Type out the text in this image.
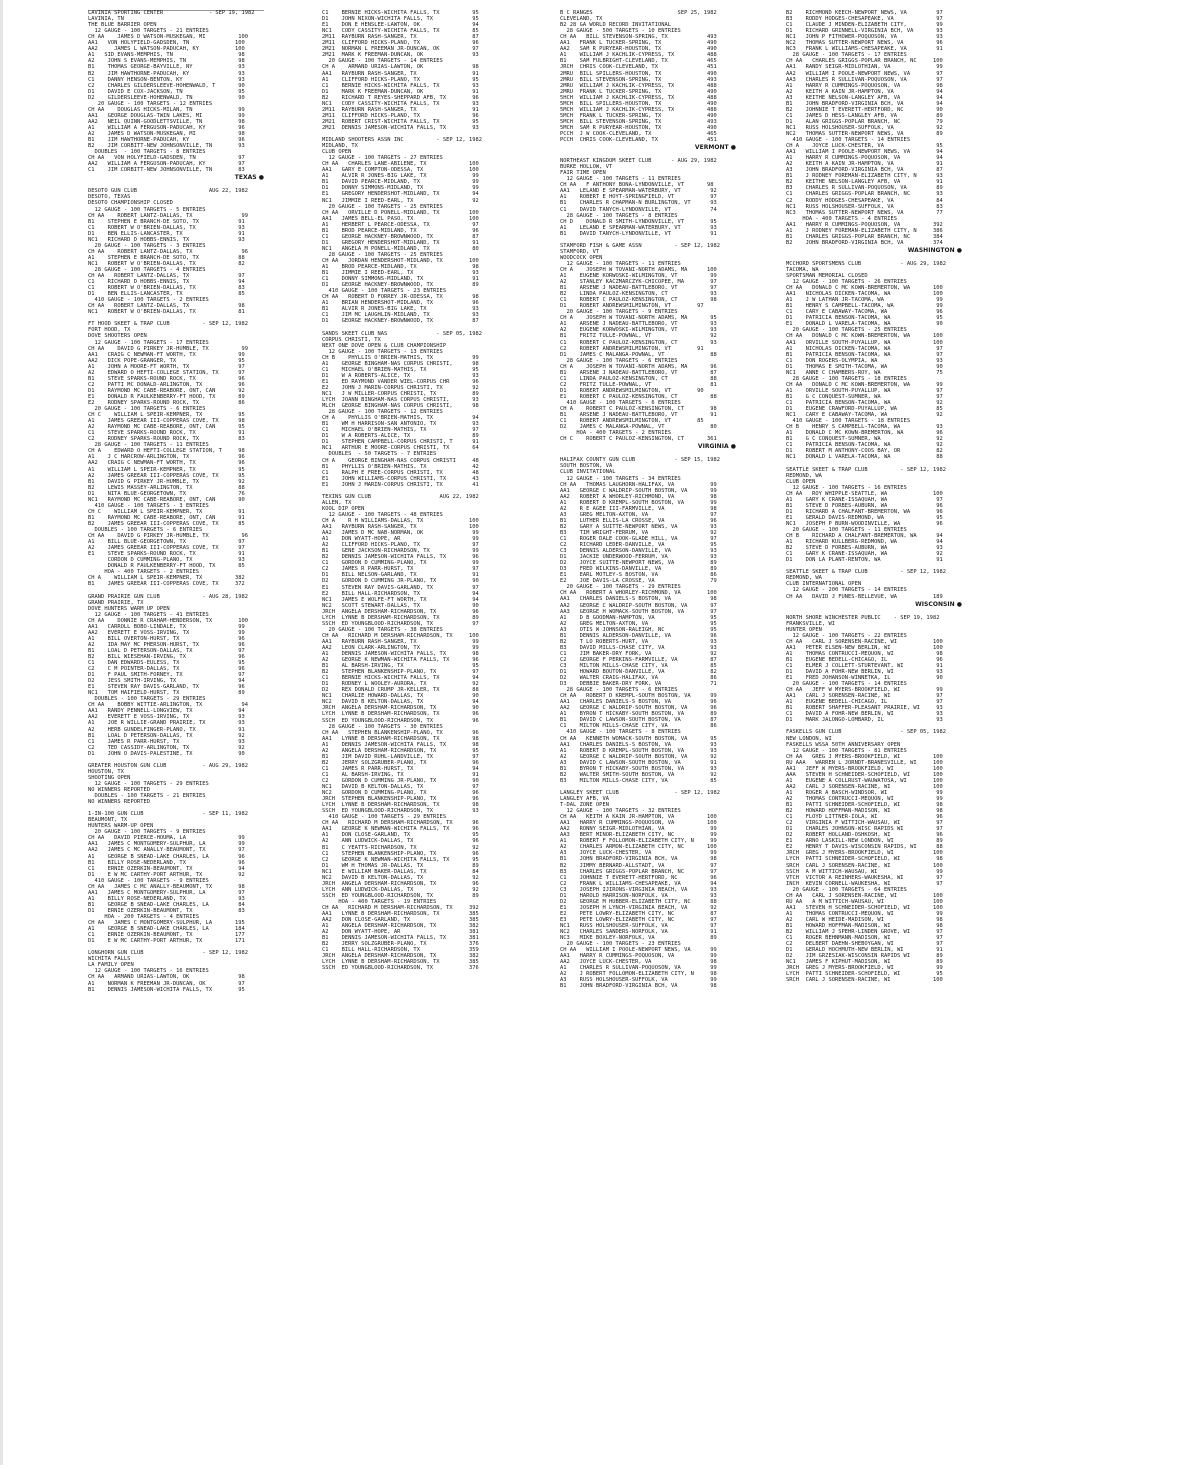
LAVINIA SPORTING CENTER              - SEP 19, 1982
LAVINIA, TN
THE BLUE BARRIER OPEN
12 GAUGE - 100 TARGETS - 21 ENTRIES
CH AA    JAMES D WATSON-MUSKEGAN, MI          100
AA1   VON HOLYFIELD-GADSDEN, TN              100
AA2     JAMES L WATSON-PADUCAH, KY           100
A1   SID EVANS-MEMPHIS, TN                    98
A2    JOHN S EVANS-MEMPHIS, TN                98
B1    THOMAS GEORGE-BAYVILLE, NY              93
B2    JIM HAWTHORNE-PADUCAH, KY               93
C1    DANNY HENSON-BENTON, KY                 93
C2    CHARLES GILDERSLEEVE-HOHENWALD, T       90
D1    DAVID E COX-JACKSON, TN                 95
D2    GILDERSLEEVE-HOHENWALD, TN              90
20 GAUGE - 100 TARGETS - 12 ENTRIES
CH AA    DOUGLAS HICKS-MILAN, TN              99
AA1   GEORGE DOUGLAS-TWIN LAKES, MI           99
AA2   NEIL QUINN-GOODLETTSVILLE, TN           98
A1    WILLIAM A FERGUSON-PADUCAH, KY          96
A2    JAMES D WATSON-MUSKEGAN, MI             98
B1    JIM HAWTHORNE-PADUCAH, KY               96
B2    JIM CORBITT-NEW JOHNSONVILLE, TN        93
DOUBLES  - 100 TARGETS - 8 ENTRIES
CH AA   VON HOLYFIELD-GADSDEN, TN             97
AA2   WILLIAM A FERGUSON-PADUCAH, KY          97
C1    JIM CORBITT-NEW JOHNSONVILLE, TN        83
TEXAS ●
DESOTO GUN CLUB                      AUG 22, 1982
DESOTO, TEXAS
DESOTO CHAMPIONSHIP CLOSED
12 GAUGE - 100 TARGETS - 5 ENTRIES
CH AA    ROBERT LANTZ-DALLAS, TX               99
B1    STEPHEN E BRANCH-DE SOTO, TX            91
C1    ROBERT W O'BRIEN-DALLAS, TX             93
D1    BEN ELLIS-LANCASTER, TX                 91
NC1   RICHARD D HOBBS-ENNIS, TX               93
20 GAUGE - 100 TARGETS - 3 ENTRIES
CH AA    ROBERT LANTZ-DALLAS, TX               96
A1    STEPHEN E BRANCH-DE SOTO, TX            88
NC1   ROBERT W O'BRIEN-DALLAS, TX             82
28 GAUGE - 100 TARGETS - 4 ENTRIES
CH AA   ROBERT LANTZ-DALLAS, TX               97
C1    RICHARD D HOBBS-ENNIS, TX               94
C1    ROBERT W O'BRIEN-DALLAS, TX             83
D1    BEN ELLIS-LANCASTER, TX                 85
410 GAUGE - 100 TARGETS - 2 ENTRIES
CH AA   ROBERT LANTZ-DALLAS, TX               98
NC1   ROBERT W O'BRIEN-DALLAS, TX             81
FT HOOD SKEET & TRAP CLUB          - SEP 12, 1982
FORT HOOD, TX
DOVE SHOOTERS OPEN
12 GAUGE - 100 TARGETS - 17 ENTRIES
CH AA    DAVID G PIRKEY JR-HUMBLE, TX          99
AA1   CRAIG C NEWMAN-FT WORTH, TX             99
AA2   DICK POPE-GRANGER, TX                   95
A1    JOHN A MOORE-FT WORTH, TX               97
A2    EDWARD O HEFTI-COLLEGE STATION, TX      97
B1    STEVE SPARKS-ROUND ROCK, TX             96
C2    PATTI MC DONALD-ARLINGTON, TX           96
D1    RAYMOND MC CABE-REABORE, ONT, CAN       92
E1    DONALD R FAULKENBERRY-FT HOOD, TX       89
E2    RODNEY SPARKS-ROUND ROCK, TX            86
20 GAUGE - 100 TARGETS - 6 ENTRIES
CH C    WILLIAM L SPEIR-KEMPNER, TX           95
A1    JAMES GREEAR III-COPPERAS COVE, TX      98
A2    RAYMOND MC CABE-REABORE, ONT, CAN       95
C1    STEVE SPARKS-ROUND ROCK, TX             91
C2    RODNEY SPARKS-ROUND ROCK, TX            83
28 GAUGE - 100 TARGETS - 11 ENTRIES
CH A    EDWARD O HEFTI-COLLEGE STATION, T     98
A1    J C HARCROW-ARLINGTON, TX               96
AA2   CRAIG C NEWMAN-FT WORTH, TX             96
A1    WILLIAM L SPEIR-KEMPNER, TX             95
A2    JAMES GREEAR III-COPPERAS COVE, TX      95
B1    DAVID G PIRKEY JR-HUMBLE, TX            92
B2    LEWIS MASSEY-ARLINGTON, TX              88
D1    NITA BLUE-GEORGETOWN, TX                76
NC1   RAYMOND MC CABE-REABORE, ONT, CAN       90
410 GAUGE - 100 TARGETS - 3 ENTRIES
CH C    WILLIAM L SPEIR-KEMPNER, TX           91
B1    RAYMOND MC CABE-REABORE, ONT, CAN       91
B2    JAMES GREEAR III-COPPERAS COVE, TX      85
DOUBLES - 100 TARGETS - 6 ENTRIES
CH AA    DAVID G PIRKEY JR-HUMBLE, TX          96
A1    BILL BLUE-GEORGETOWN, TX                97
A2    JAMES GREEAR III-COPPERAS COVE, TX      97
E1    STEVE SPARKS-ROUND ROCK, TX             91
CORDON D CUMMING-PLANO, TX              93
DONALD R FAULKENBERRY-FT HOOD, TX       85
HOA - 400 TARGETS - 2 ENTRIES
CH A    WILLIAM L SPEIR-KEMPNER, TX          382
B1    JAMES GREEAR III-COPPERAS COVE, TX     372
GRAND PRAIRIE GUN CLUB             - AUG 28, 1982
GRAND PRAIRIE, TX
DOVE HUNTERS WARM UP OPEN
12 GAUGE - 100 TARGETS - 41 ENTRIES
CH AA    DONNIE R CRAHAM-HENDERSON, TX        100
AA1   CARROLL BOBO-LINDALE, TX                99
AA2   EVERETT E VOSS-IRVING, TX               99
A1    BILL OVERTON-HURST, TX                  96
A2    IDA MAY MC PHERSON-HURST, TX            96
B1    LOAL D PETERSON-DALLAS, TX              97
B2    BILL WIESEHAN-IRVING, TX                96
C1    DAN EDWARDS-EULESS, TX                  95
C2    C M POINTER-DALLAS, TX                  96
D1    F PAUL SMITH-FORNEY, TX                 97
D2    JESS SMITH-IRVING, TX                   94
E1    STEVEN RAY DAVIS-GARLAND, TX            96
NC1   TOM HAIFIELD-HURST, TX                  89
DOUBLES - 100 TARGETS - 29 ENTRIES
CH AA    BOBBY WITTIE-ARLINGTON, TX            94
AA1   RANDY PENNELL-LONGVIEW, TX              94
AA2   EVERETT E VOSS-IRVING, TX               93
A1    JOE R WILLIE-GRAND PRAIRIE, TX          93
A2    HERB GUNDELFINGER-PLANO, TX             91
B1    LOAL D PETERSON-DALLAS, TX              92
C1    JAMES R PARR-HURST, TX                  93
C2    TED CASSIDY-ARLINGTON, TX               92
D1    JOHN O DAVIS-PALESTINE, TX              90
GREATER HOUSTON GUN CLUB           - AUG 29, 1982
HOUSTON, TX
SHOOTING OPEN
12 GAUGE - 100 TARGETS - 29 ENTRIES
NO WINNERS REPORTED
DOUBLES - 100 TARGETS - 21 ENTRIES
NO WINNERS REPORTED
1-IN-100 GUN CLUB                  - SEP 11, 1982
BEAUMONT, TX
HUNTERS WARM-UP OPEN
20 GAUGE - 100 TARGETS - 9 ENTRIES
CH AA   DAVID PIERCE-HOUMA, LA                99
AA1   JAMES C MONTGOMERY-SULPHUR, LA          99
AA2   JAMES C MC ANALLY-BEAUMONT, TX          97
A1    GEORGE B SNEAD-LAKE CHARLES, LA         96
B1    BILLY ROSE-NEDERLAND, TX                96
C1    ERNIE OZERKIN-BEAUMONT, TX              94
D1    E W MC CARTHY-PORT ARTHUR, TX           92
410 GAUGE - 100 TARGETS - 9 ENTRIES
CH AA   JAMES C MC ANALLY-BEAUMONT, TX        98
AA1   JAMES C MONTGOMERY-SULPHUR, LA          97
A1    BILLY ROSE-NEDERLAND, TX                93
B1    GEORGE B SNEAD-LAKE CHARLES, LA         84
D1    ERNIE OZERKIN-BEAUMONT, TX              83
HOA - 200 TARGETS - 4 ENTRIES
CH AA   JAMES C MONTGOMERY-SULPHUR, LA       195
A1    GEORGE B SNEAD-LAKE CHARLES, LA        184
C1    ERNIE OZERKIN-BEAUMONT, TX             177
D1    E W MC CARTHY-PORT ARTHUR, TX          171
LONGHORN GUN CLUB                  - SEP 12, 1982
WICHITA FALLS
LA FAMILY OPEN
12 GAUGE - 100 TARGETS - 16 ENTRIES
CH AA   ARMAND URIAS-LAWTON, OK               98
A1    NORMAN K FREEMAN JR-DUNCAN, OK          97
B1    DENNIS JAMESON-WICHITA FALLS, TX        95
C1    BERNIE HICKS-WICHITA FALLS, TX          95
D1    JOHN NIXON-WICHITA FALLS, TX            95
E1    DON E HENSLEE-LAWTON, OK                94
NC1   CODY CASSITY-WICHITA FALLS, TX          85
2M11  RAYBURN RASH-SANGER, TX                 87
2M11  CLIFFORD HICKS-PLANO, TX                96
2M21  NORMAN L FREEMAN JR-DUNCAN, OK          97
2M21  MARK K FREEMAN-DUNCAN, OK               93
20 GAUGE - 100 TARGETS - 14 ENTRIES
CH A    ARMAND URIAS-LAWTON, OK               98
AA1   RAYBURN RASH-SANGER, TX                 91
A1    CLIFFORD HICKS-PLANO, TX                95
C1    BERNIE HICKS-WICHITA FALLS, TX          93
D1    MARK K FREEMAN-DUNCAN, OK               91
B2    RICHARD T REYES-SHEPPARD AFB, TX        96
NC1   CODY CASSITY-WICHITA FALLS, TX          93
2M11  RAYBURN RASH-SANGER, TX                 91
2M11  CLIFFORD HICKS-PLANO, TX                96
2M21  ROBERT CRIST-WICHITA FALLS, TX          95
2M21  DENNIS JAMESON-WICHITA FALLS, TX        93
MIDLAND SHOOTERS ASSN INC          - SEP 12, 1982
MIDLAND, TX
CLUB OPEN
12 GAUGE - 100 TARGETS - 27 ENTRIES
CH AA   CHARLES LANE-ABILENE, TX             100
AA1   GARY E COMPTON-ODESSA, TX              100
A1    ALVIR R JONES-BIG LAKE, TX              99
B1    DAVID PEARCE-MIDLAND, TX                99
D1    DONNY SIMMONS-MIDLAND, TX               99
E1    GREGORY HENDERSHOT-MIDLAND, TX          94
NC1   JIMMIE I REED-EARL, TX                  92
20 GAUGE - 100 TARGETS - 25 ENTRIES
CH AA   ORVILLE D PONELL-MIDLAND, TX         100
AA1   JAMES BELL-EL PASO, TX                 100
A1    HERBERT L PEARCE-ODESSA, TX             97
B1    BROD PEARCE-MIDLAND, TX                 96
C1    GEORGE HACKNEY-BROWNWOOD, TX            87
D1    GREGORY HENDERSHOT-MIDLAND, TX          91
NC1   ANGELA M PONELL-MIDLAND, TX             80
28 GAUGE - 100 TARGETS - 25 ENTRIES
CH AA   JORDAN HENDERSHOT-MIDLAND, TX        100
A1    BROD PEARCE-MIDLAND, TX                 98
B1    JIMMIE I REED-EARL, TX                  93
C1    DONNY SIMMONS-MIDLAND, TX               91
D1    GEORGE HACKNEY-BROWNWOOD, TX            89
410 GAUGE - 100 TARGETS - 23 ENTRIES
CH AA   ROBERT D FORREY JR-ODESSA, TX         98
A1    BRIAN HENDERSHOT-MIDLAND, TX            96
B1    ALVIR R JONES-BIG LAKE, TX              93
C1    JIM MC LAUGHLIN-MIDLAND, TX             93
D1    GEORGE HACKNEY-BROWNWOOD, TX            87
SANDS SKEET CLUB NAS               - SEP 05, 1982
CORPUS CHRISTI, TX
NEXT ONE DOVE OPEN & CLUB CHAMPIONSHIP
12 GAUGE - 100 TARGETS - 13 ENTRIES
CH B    PHYLLIS O'BRIEN-MATHIS, TX            99
A1    GEORGE BINGHAM-NAS CORPUS CHRISTI,      98
C1    MICHAEL O'BRIEN-MATHIS, TX              95
D1    W A ROBERTS-ALICE, TX                   93
E1    ED RAYMOND VANDER WIEL-CORPUS CHR       96
E2    JOHN J MARIN-CORPUS CHRISTI, TX         92
NC1   J W MILLER-CORPUS CHRISTI, TX           89
LYCH  JOANN BINGHAM-NAS CORPUS CHRISTI,       93
MLCH  GEORGE BINGHAM-NAS CORPUS CHRISTI,      98
28 GAUGE - 100 TARGETS - 12 ENTRIES
CH A    PHYLLIS O'BRIEN-MATHIS, TX            94
B1    WM H HARRISON-SAN ANTONIO, TX           93
C1    MICHAEL O'BRIEN-MATHIS, TX              97
D1    W A ROBERTS-ALICE, TX                   89
D1    STEPHEN CAMPBELL-CORPUS CHRISTI, T      91
NC1   ARTHUR E MOORE-CORPUS CHRISTI, TX       64
DOUBLES  - 50 TARGETS - 7 ENTRIES
CH A    GEORGE BINGHAM-NAS CORPUS CHRISTI     48
B1    PHYLLIS O'BRIEN-MATHIS, TX              42
C1    RALPH E FREE-CORPUS CHRISTI, TX         48
E1    JOHN WILLIAMS-CORPUS CHRISTI, TX        43
E1    JOHN J MARIN-CORPUS CHRISTI, TX         41
TEXINS GUN CLUB                     AUG 22, 1982
ALLEN, TX
KOOL DIP OPEN
12 GAUGE - 100 TARGETS - 48 ENTRIES
CH A    R H WILLIAMS-DALLAS, TX              100
AA1   RAYBURN RASH-SANGER, TX                100
AA2   JAMES D MC NAB-NORMAN, OK               99
A1    DON WYATT-HOPE, AR                      99
A2    CLIFFORD HICKS-PLANO, TX                97
B1    GENE JACKSON-RICHARDSON, TX             99
B2    DENNIS JAMESON-WICHITA FALLS, TX        96
C1    GORDON D CUMMING-PLANO, TX              99
C2    JAMES R PARR-HURST, TX                  97
D1    BILL NELSON-GARLAND, TX                 91
D2    GORDON D CUMMING JR-PLANO, TX           90
E1    STEVEN RAY DAVIS-GARLAND, TX            97
E2    BILL HALL-RICHARDSON, TX                94
NC1   JAMES E WOLFE-FT WORTH, TX              94
NC2   SCOTT STEWART-DALLAS, TX                90
JRCH  ANGELA DERSHAM-RICHARDSON, TX           96
LYCH  LYNNE B DERSHAM-RICHARDSON, TX          89
SSCH  ED YOUNGBLOOD-RICHARDSON, TX            97
20 GAUGE - 100 TARGETS - 38 ENTRIES
CH AA   RICHARD M DERSHAM-RICHARDSON, TX     100
AA1   RAYBURN RASH-SANGER, TX                 99
AA2   LEON CLARK-ARLINGTON, TX                99
A1    DENNIS JAMESON-WICHITA FALLS, TX        98
A2    GEORGE K NEWMAN-WICHITA FALLS, TX       96
B1    AL BARSH-IRVING, TX                     95
B2    STEPHEN BLANKENSHIP-PLANO, TX           97
C1    BERNIE HICKS-WICHITA FALLS, TX          94
D1    RODNEY L WOOLEY-AURORA, TX              92
D2    REX DONALD CRUMP JR-KELLER, TX          88
NC1   CHARLIE HOWARD-DALLAS, TX               90
NC2   DAVID B KELTON-DALLAS, TX               94
JRCH  ANGELA DERSHAM-RICHARDSON, TX           90
LYCH  LYNNE B DERSHAM-RICHARDSON, TX          96
SSCH  ED YOUNGBLOOD-RICHARDSON, TX            96
28 GAUGE - 100 TARGETS - 30 ENTRIES
CH AA   STEPHEN BLANKENSHIP-PLANO, TX         96
AA1   LYNNE B DERSHAM-RICHARDSON, TX          98
A1    DENNIS JAMESON-WICHITA FALLS, TX        98
A2    ANGELA DERSHAM-RICHARDSON, TX           95
B1    JIM DAVID RUHL-LANDVILLE, TX            97
B2    JERRY SOLZGRUBER-PLANO, TX              96
C1    JAMES R PARR-HURST, TX                  94
C1    AL BARSH-IRVING, TX                     91
C2    GORDON D CUMMING JR-PLANO, TX           90
NC1   DAVID B KELTON-DALLAS, TX               97
NC2   GORDON D CUMMING-PLANO, TX              96
JRCH  STEPHEN BLANKENSHIP-PLANO, TX           96
LYCH  LYNNE B DERSHAM-RICHARDSON, TX          98
SSCH  ED YOUNGBLOOD-RICHARDSON, TX            93
410 GAUGE - 100 TARGETS - 29 ENTRIES
CH AA   RICHARD M DERSHAM-RICHARDSON, TX      96
AA1   GEORGE K NEWMAN-WICHITA FALLS, TX       96
A1    DON CLOSE-GARLAND, TX                   95
A2    ANN LUDWICK-DALLAS, TX                  96
B1    C YEATTS-RICHARDSON, TX                 92
C1    STEPHEN BLANKENSHIP-PLANO, TX           96
C2    GEORGE K NEWMAN-WICHITA FALLS, TX       95
D1    WM H THOMAS JR-DALLAS, TX               89
NC1   E WILLIAM BAKER-DALLAS, TX              84
NC2   DAVID B KELTON-DALLAS, TX               92
JRCH  ANGELA DERSHAM-RICHARDSON, TX           96
LYCH  ANN LUDWICK-DALLAS, TX                  92
SSCH  ED YOUNGBLOOD-RICHARDSON, TX            89
HOA - 400 TARGETS - 19 ENTRIES
CH AA   RICHARD M DERSHAM-RICHARDSON, TX     392
AA1   LYNNE B DERSHAM-RICHARDSON, TX         385
AA2   DON CLOSE-GARLAND, TX                  385
A1    ANGELA DERSHAM-RICHARDSON, TX          382
A2    DON WYATT-HOPE, AR                     381
B1    DENNIS JAMESON-WICHITA FALLS, TX       381
B2    JERRY SOLZGRUBER-PLANO, TX             376
C1    BILL HALL-RICHARDSON, TX               359
JRCH  ANGELA DERSHAM-RICHARDSON, TX          382
LYCH  LYNNE B DERSHAM-RICHARDSON, TX         385
SSCH  ED YOUNGBLOOD-RICHARDSON, TX           376
B C RANGES                          SEP 25, 1982
CLEVELAND, TX
B2 28 GA WORLD RECORD INVITATIONAL
28 GAUGE - 500 TARGETS - 10 ENTRIES
CH AA   BILL STEVENSON-SPRING, TX            493
AA1   FRANK L TUCKER-SPRING, TX              490
AA2   SAM R PURYEAR-HOUSTON, TX              490
A1    WILLIAM J KACHLIK-CYPRESS, TX          488
B1    SAM FULBRIGHT-CLEVELAND, TX            465
JRCH  CHRIS COOK-CLEVELAND, TX               451
2MRU  BILL SPILLERS-HOUSTON, TX              490
2MRU  BILL STEVENSON-SPRING, TX              493
2MRU  WILLIAM J KACHLIK-CYPRESS, TX          488
2MRU  FRANK L TUCKER-SPRING, TX              490
5HCH  WILLIAM J KACHLIK-CYPRESS, TX          488
5MCH  BILL SPILLERS-HOUSTON, TX              490
5MCH  WILLIAM J KACHLIK-CYPRESS, TX          488
5MCH  FRANK L TUCKER-SPRING, TX              490
5MCH  BILL STEVENSON-SPRING, TX              493
5MCH  SAM R PURYEAR-HOUSTON, TX              490
PCCH  J W COOK-CLEVELAND, TX                 465
PCCH  CHRIS COOK-CLEVELAND, TX               451
VERMONT ●
NORTHEAST KINGDOM SKEET CLUB      - AUG 29, 1982
BURKE HOLLOW, VT
FAIR TIME OPEN
12 GAUGE - 100 TARGETS - 11 ENTRIES
CH AA   F ANTHONY BONA-LYNDONVILLE, VT       98
AA1   LELAND E SPEARMAN-WATERBURY, VT         92
A1    ROBERT E HOYT-SPRINGFIELD, VT           97
B1    CHARLES R CHAPMAN-N BURLINGTON, VT      93
C1    DAVID TANYCH-LYNDONVILLE, VT            74
28 GAUGE - 100 TARGETS - 8 ENTRIES
CH D    DONALD R SMITH-LYNDONVILLE, VT        95
A1    LELAND E SPEARMAN-WATERBURY, VT         93
B1    DAVID TANYCH-LYNDONVILLE, VT            91
STAMFORD FISH & GAME ASSN          - SEP 12, 1982
STAMFORD, VT
WOODCOCK OPEN
12 GAUGE - 100 TARGETS - 11 ENTRIES
CH A    JOSEPH W TOVANI-NORTH ADAMS, MA      100
A1    EUGENE KORWOSKI-WILMINGTON, VT          99
A2    STANLEY KACZMARCZYK-CHICOPEE, MA        97
B1    ARSENE J NADEAU-BATTLEBORO, VT          97
B2    LINDA PAULOZ-KENSINGTON, CT             93
C1    ROBERT C PAULOZ-KENSINGTON, CT          98
D1    ROBERT ANDREWSMILMINGTON, VT        97
20 GAUGE - 100 TARGETS - 9 ENTRIES
CH A    JOSEPH W TOVANI-NORTH ADAMS, MA       95
A1    ARSENE J NADEAU-BATTLEBORO, VT          93
A2    EUGENE KORWOSKI-WILMINGTON, VT          93
B1    FRITZ TULLE-POWNAL, VT                  92
C1    ROBERT C PAULOZ-KENSINGTON, CT          93
C2    ROBERT ANDREWSMILMINGTON, VT        91
D1    JAMES C MALANGA-POWNAL, VT              88
28 GAUGE - 100 TARGETS - 6 ENTRIES
CH A    JOSEPH W TOVANI-NORTH ADAMS, MA       96
B1    ARSENE J NADEAU-BATTLEBORO, VT          87
C1    LINDA PAULOZ-KENSINGTON, CT             88
C2    FRITZ TULLE-POWNAL, VT                  81
D1    ROBERT ANDREWSMILMINGTON, VT        90
E1    ROBERT C PAULOZ-KENSINGTON, CT          88
410 GAUGE - 100 TARGETS - 6 ENTRIES
CH A    ROBERT C PAULOZ-KENSINGTON, CT        98
B1    ARSENE J NADEAU-BATTLEBORO, VT          91
C1    ROBERT ANDREWSMILMINGTON, VT        85
D2    JAMES C MALANGA-POWNAL, VT              80
HOA - 400 TARGETS - 2 ENTRIES
CH C    ROBERT C PAULOZ-KENSINGTON, CT       361
VIRGINIA ●
HALIFAX COUNTY GUN CLUB            - SEP 15, 1982
SOUTH BOSTON, VA
CLUB INVITATIONAL
12 GAUGE - 100 TARGETS - 34 ENTRIES
CH AA   THOMAS LAUGHORN-HALIFAX, VA           99
AA1   GEORGE C WALDRIP-SOUTH BOSTON, VA       99
AA2   ROBERT A WHORLEY-RICHMOND, VA           98
A1    ROBERT D KREMPL-SOUTH BOSTON, VA        99
A2    R E AGEE III-FARMVILLE, VA              98
A3    GREG MELTON-AXTON, VA                   97
B1    LUTHER ELLIS-LA CROSSE, VA              96
B2    GARY A SUITTE-NEWPORT NEWS, VA          93
B3    TIM WRIGHT-FERRUM, VA                   92
C1    ROGER DALE COOK-GLADE HILL, VA          97
C2    RICHARD LEDER-DANVILLE, VA              95
C3    DENNIS ALDERSON-DANVILLE, VA            93
D1    JACKIE UNDERWOOD-FERRUM, VA             93
D2    JOYCE SUITTE-NEWPORT NEWS, VA           89
D3    FRED WILKINS-DANVILLE, VA               89
E1    EARL MOTLEY-S BOSTON, VA                86
E2    JOE DAVIS-LA CROSSE, VA                 79
20 GAUGE - 100 TARGETS - 29 ENTRIES
CH AA   ROBERT A WHORLEY-RICHMOND, VA        100
AA1   CHARLES DANIELS-S BOSTON, VA            98
AA2   GEORGE C WALDRIP-SOUTH BOSTON, VA       97
AA3   GEORGE H WOMACK-SOUTH BOSTON, VA        97
A1    D B GOODMAN-HAMPTON, VA                 95
A2    GREG MELTON-AXTON, VA                   95
A3    OTIS W JOHNSON-RALEIGH, NC              95
B1    DENNIS ALDERSON-DANVILLE, VA            96
B2    T LO ROBERTS-HURT, VA                   93
B3    DAVID MILLS-CHASE CITY, VA              93
C1    JIM BAKER-DRY FORK, VA                  92
C2    GEORGE F PERKINS-FARMVILLE, VA          87
C3    MILTON MILLS-CHASE CITY, VA             85
D1    HOWARD BOUTON-DANVILLE, VA              82
D2    WALTER CRAIG-HALIFAX, VA                86
D3    DEBBIE BAKER-DRY FORK, VA               71
28 GAUGE - 100 TARGETS - 6 ENTRIES
CH AA   ROBERT D KREMPL-SOUTH BOSTON, VA      99
AA1   CHARLES DANIELS-S BOSTON, VA            96
AA2   GEORGE C WALDRIP-SOUTH BOSTON, VA       96
A1    BYRON T HICKABY-SOUTH BOSTON, VA        89
B1    DAVID C LAWSON-SOUTH BOSTON, VA         87
C1    MILTON MILLS-CHASE CITY, VA             86
410 GAUGE - 100 TARGETS - 8 ENTRIES
CH AA   KENNETH WOMACK-SOUTH BOSTON, VA       95
AA1   CHARLES DANIELS-S BOSTON, VA            93
A1    ROBERT D KREMPL-SOUTH BOSTON, VA        93
A2    GEORGE C WALDRIP-SOUTH BOSTON, VA       92
A3    DAVID C LAWSON-SOUTH BOSTON, VA         91
B1    BYRON T HICKABY-SOUTH BOSTON, VA        93
B2    WALTER SMITH-SOUTH BOSTON, VA           92
B3    MILTON MILLS-CHASE CITY, VA             85
LANGLEY SKEET CLUB                 - SEP 12, 1982
LANGLEY AFB, VA
T-DAL ZONE OPEN
12 GAUGE - 100 TARGETS - 32 ENTRIES
CH AA   KEITH A KAIN JR-HAMPTON, VA          100
AA1   HARRY R CUMMINGS-POQUOSON, VA          100
AA2   RONNY SEIGR-MIDLOTHIAN, VA              99
AA3   BERT MINOR-ELIZABETH CITY, NC           99
A1    ROBERT F FOLLOMON-ELIZABETH CITY, N     99
A2    CHARLES ARMON-ELIZABETH CITY, NC       100
A3    JOYCE LUCK-CHESTER, VA                  99
B1    JOHN BRADFORD-VIRGINIA BCH, VA          98
B2    JIMMY BERNARD-ALLSTADT, VA              97
B3    CHARLES GRIGGS-POPLAR BRANCH, NC        97
C1    JOHNNIE T EVERETT-HERTFORD, NC          96
C2    FRANK L WILLIAMS-CHESAPEAKE, VA         94
C3    JOSEPH IJIRONS-VIRGINIA BEACH, VA       93
D1    HAROLD HARRISON-NORFOLK, VA             93
D2    GEORGE M HUBBER-ELIZABETH CITY, NC      88
E1    JOSEPH H LYNCH-VIRGINIA BEACH, VA       92
E2    PETE LOWRY-ELIZABETH CITY, NC           87
E3    PETE LOWRY-ELIZABETH CITY, NC           97
NC1   RUSS HOLSHOUSER-SUFFOLK, VA             97
NC2   CHARLES SANDERS-NORFOLK, VA             91
NC3   MIKE BOXLEY-NORFOLK, VA                 89
20 GAUGE - 100 TARGETS - 23 ENTRIES
CH AA   WILLIAM I POOLE-NEWPORT NEWS, VA      99
AA1   HARRY R CUMMINGS-POQUOSON, VA           99
AA2   JOYCE LUCK-CHESTER, VA                  98
A1    CHARLES R SULLIVAN-POQUOSON, VA         99
A2    J ROBERT FOLLOMON-ELIZABETH CITY, N     98
A3    RUSS HOLSHOUSER-SUFFOLK, VA             99
B1    JOHN BRADFORD-VIRGINIA BCH, VA          98
B2    RICHMOND KEECH-NEWPORT NEWS, VA         97
B3    RODDY HODGES-CHESAPEAKE, VA             97
C1    CLAUDE J MINDEN-ELIZABETH CITY,         99
D1    RICHARD GRINNELL-VIRGINIA BCH, VA       93
NC1   JOHN P FITHOWER-POQUOSON, VA            93
NC2   THOMAS SUTTER-NEWPORT NEWS, VA          96
NC3   FRANK L WILLIAMS-CHESAPEAKE, VA         91
28 GAUGE - 100 TARGETS - 17 ENTRIES
CH AA   CHARLES GRIGGS-POPLAR BRANCH, NC     100
AA1   RANDY SEIGR-MIDLOTHIAN, VA              99
AA2   WILLIAM I POOLE-NEWPORT NEWS, VA        97
AA3   CHARLES R SULLIVAN-POQUOSON, VA         97
A1    HARRY R CUMMINGS-POQUOSON, VA           98
A2    KEITH A KAIN JR-HAMPTON, VA             94
A3    KEITHE NELSON-LANGLEY AFB, VA           94
B1    JOHN BRADFORD-VIRGINIA BCH, VA          94
B2    JOHNNIE T EVERETT-HERTFORD, NC          90
C1    JAMES D HESS-LANGLEY AFB, VA            89
D1    ALAN GRIGGS-POPLAR BRANCH, NC           79
NC1   RUSS HOLSHOUSER-SUFFOLK, VA             92
NC2   THOMAS SUTTER-NEWPORT NEWS, VA          89
410 GAUGE - 100 TARGETS - 14 ENTRIES
CH A    JOYCE LUCK-CHESTER, VA                95
AA1   WILLIAM I POOLE-NEWPORT NEWS, VA        94
A1    HARRY R CUMMINGS-POQUOSON, VA           94
A2    KEITH A KAIN JR-HAMPTON, VA             91
A3    JOHN BRADFORD-VIRGINIA BCH, VA          87
B1    J RODNEY FOREMAN-ELIZABETH CITY, N      93
B2    KEITHE NELSON-LANGLEY AFB, VA           91
B3    CHARLES R SULLIVAN-POQUOSON, VA         89
C1    CHARLES GRIGGS-POPLAR BRANCH, NC        93
C2    RODDY HODGES-CHESAPEAKE, VA             84
NC1   RUSS HOLSHOUSER-SUFFOLK, VA             83
NC3   THOMAS SUTTER-NEWPORT NEWS, VA          77
HOA - 400 TARGETS - 4 ENTRIES
AA1   HARRY R CUMMINGS-POQUOSON, VA          392
A1    J RODNEY FOREMAN-ELIZABETH CITY, N     386
B1    CHARLES GRIGGS-POPLAR BRANCH, NC       384
B2    JOHN BRADFORD-VIRGINIA BCH, VA         374
WASHINGTON ●
MCCHORD SPORTSMENS CLUB            - AUG 29, 1982
TACOMA, WA
SPORTSMAN MEMORIAL CLOSED
12 GAUGE - 100 TARGETS - 26 ENTRIES
CH AA   DONALD C MC KOWN-BREMERTON, WA       100
AA1   NICHOLAS DICKEN-TACOMA, WA             100
A1    J W LATHAN JR-TACOMA, WA                99
B1    HENRY S CAMPBELL-TACOMA, WA             99
C1    CARY E CABAWAY-TACOMA, WA               96
D1    PATRICIA BENSON-TACOMA, WA              95
E1    DONALD L VARELA-TACOMA, WA              90
20 GAUGE - 100 TARGETS - 25 ENTRIES
CH AA   DONALD C MC KOWN-BREMERTON, WA       100
AA1   ORVILLE SOUTH-PUYALLUP, WA             100
A1    NICHOLAS DICKEN-TACOMA, WA              97
B1    PATRICIA BENSON-TACOMA, WA              97
C1    DON ROGERS-OLYMPIA, WA                  93
D1    THOMAS E SMITH-TACOMA, WA               90
NC1   ANNE C CHAMBERS-ROY, WA                 75
28 GAUGE - 100 TARGETS - 18 ENTRIES
CH AA   DONALD C MC KOWN-BREMERTON, WA        99
A1    ORVILLE SOUTH-PUYALLUP, WA              97
B1    G C CONQUEST-SUMNER, WA                 97
C1    PATRICIA BENSON-TACOMA, WA              92
D1    EUGENE CRAWFORD-PUYALLUP, WA            85
NC1   CARY E CABAWAY-TACOMA, WA               92
410 GAUGE - 100 TARGETS - 18 ENTRIES
CH B    HENRY S CAMPBELL-TACOMA, WA           93
A1    DONALD C MC KOWN-BREMERTON, WA          96
B1    G C CONQUEST-SUMNER, WA                 92
C1    PATRICIA BENSON-TACOMA, WA              92
D1    ROBERT M ANTHONY-COOS BAY, OR           82
NC1   DONALD L VARELA-TACOMA, WA              88
SEATTLE SKEET & TRAP CLUB          - SEP 12, 1982
REDMOND, WA
CLUB OPEN
12 GAUGE - 100 TARGETS - 16 ENTRIES
CH AA   ROY WHIPPLE-SEATTLE, WA              100
A1    GARY K CRANE-ISSAQUAH, WA               97
B1    STEVE D FORBES-AUBURN, WA               96
D1    RICHARD A CHALFANT-BREMERTON, WA        96
E1    GERALD DAVIS-REDMOND, WA                95
NC1   JOSEPH P BURN-WOODINVILLE, WA           96
20 GAUGE - 100 TARGETS - 11 ENTRIES
CH B    RICHARD A CHALFANT-BREMERTON, WA      94
A1    RICHARD KULLBERG-REDMOND, WA            94
B2    STEVE D FORBES-AUBURN, WA               93
C1    GARY K CRANE-ISSAQUAH, WA               92
D1    DON LA PLANT-RENTON, WA                 91
SEATTLE SKEET & TRAP CLUB          - SEP 12, 1982
REDMOND, WA
CLUB INTERNATIONAL OPEN
12 GAUGE - 200 TARGETS - 14 ENTRIES
CH AA   DAVID J FUNES-BELLEVUE, WA           189
WISCONSIN ●
NORTH SHORE WINCHESTER PUBLIC    - SEP 19, 1982
FRANKSVILLE, WI
HUNTER OPEN
12 GAUGE - 100 TARGETS - 22 ENTRIES
CH AA   CARL J SORENSEN-RACINE, WI           100
AA1   PETER ELSEN-NEW BERLIN, WI             100
A1    THOMAS CONTRUCCI-MEQUON, WI             98
B1    EUGENE BEDELL-CHICAGO, IL               96
C1    ELMER J COLLETT-STURTEVANT, WI          91
D1    DAVID A FOHR-NEW BERLIN, WI             93
E1    FRED JOHANSON-WINNETKA, IL              90
20 GAUGE - 100 TARGETS - 14 ENTRIES
CH AA   JEFF W MYERS-BROOKFIELD, WI           99
AA1   CARL J SORENSEN-RACINE, WI              97
A1    EUGENE BEDELL-CHICAGO, IL               97
B1    ROBERT SHAFFER-PLEASANT PRAIRIE, WI     93
C1    DAVID A FOHR-NEW BERLIN, WI             93
D1    MARK JALONGO-LOMBARD, IL                93
FASKELLS GUN CLUB                  - SEP 05, 1982
NEW LONDON, WI
FASKELLS WSSA 50TH ANNIVERSARY OPEN
12 GAUGE - 100 TARGETS - 81 ENTRIES
CH AA   GREG J MYERS-BROOKFIELD, WI          100
RU AAA   WARREN L JORNDT-BRANESVILLE, WI     100
AA1   JEFF W MYERS-BROOKFIELD, WI            100
AAA   STEVEN H SCHNEIDER-SCHOFIELD, WI       100
A1    EUGENE A COLLRUST-WAUWATOSA, WI        100
AA2   CARL J SORENSEN-RACINE, WI             100
A1    ROGER A BASCH-WINDSOR, WI               99
A2    THOMAS CONTRUCCI-MEQUON, WI             99
B1    PATTI SCHNEIDER-SCHOFIELD, WI           98
B2    HOWARD HOFFMAN-MADISON, WI              98
C1    FLOYD LITTNER-IOLA, WI                  96
C2    VIRGINIA F WITTICH-WAUSAU, WI           97
D1    CHARLES JOHNSON-WISC RAPIDS WI          97
D2    ROBERT HOLLAND-OSHKOSH, WI              96
E1    ARNO LASKILL-NEW LONDON, WI             89
E2    HENRY T DAVIS-WISCONSIN RAPIDS, WI      88
JRCH  GREG J MYERS-BROOKFIELD, WI            100
LYCH  PATTI SCHNEIDER-SCHOFIELD, WI           98
SRCH  CARL J SORENSEN-RACINE, WI             100
SSCH  A M WITTICH-WAUSAU, WI                  99
VTCH  VICTOR A REINHERS-WAUKESHA, WI          97
INCH  KEVIN CORNELL-WAUKESHA, WI              97
20 GAUGE - 100 TARGETS - 64 ENTRIES
CH AA   CARL J SORENSEN-RACINE, WI           100
RU AA   A M WITTICH-WAUSAU, WI               100
AA1   STEVEN H SCHNEIDER-SCHOFIELD, WI       100
A1    THOMAS CONTRUCCI-MEQUON, WI             99
A2    CARL W HEIDE-MADISON, WI                98
B1    HOWARD HOFFMAN-MADISON, WI              98
B2    WILLIAM J SPEHR-LINDEN GROVE, WI        97
C1    ROGER BEHNMANN-MADISON, WI              97
C2    DELBERT DAEHN-SHEBOYGAN, WI             97
D1    GERALD HOCHMUTH-NEW BERLIN, WI          91
D2    JIM GRZESIAK-WISCONSIN RAPIDS WI        89
NC1   JAMES F KIPHUT-MADISON, WI              89
JRCH  GREG J MYERS-BROOKFIELD, WI             99
LYCH  PATTI SCHNEIDER-SCHOFIELD, WI           95
SRCH  CARL J SORENSEN-RACINE, WI             100
